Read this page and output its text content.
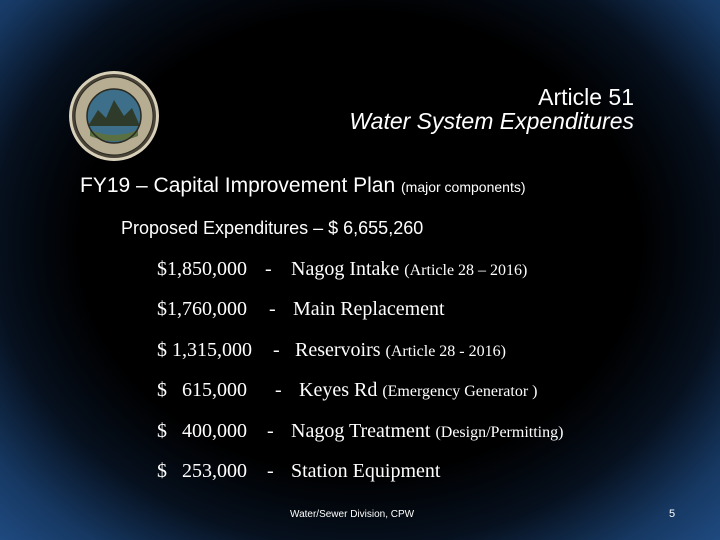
Article 51
Water System Expenditures
FY19 – Capital Improvement Plan (major components)
Proposed Expenditures – $ 6,655,260
$1,850,000 - Nagog Intake (Article 28 – 2016)
$1,760,000 - Main Replacement
$ 1,315,000 - Reservoirs (Article 28 - 2016)
$   615,000 - Keyes Rd (Emergency Generator )
$   400,000 - Nagog Treatment (Design/Permitting)
$   253,000 - Station Equipment
Water/Sewer Division, CPW	5
